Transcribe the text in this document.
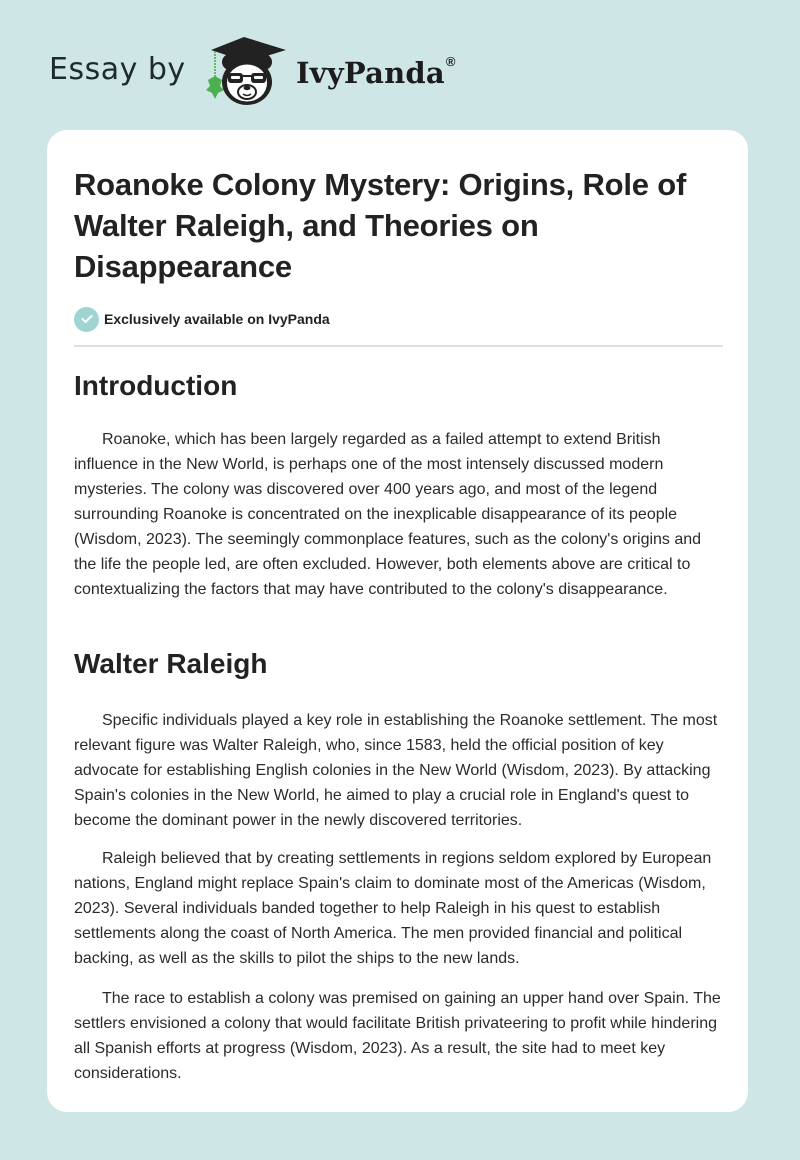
Essay by	IvyPanda®
Roanoke Colony Mystery: Origins, Role of Walter Raleigh, and Theories on Disappearance
Exclusively available on IvyPanda
Introduction

Roanoke, which has been largely regarded as a failed attempt to extend British influence in the New World, is perhaps one of the most intensely discussed modern mysteries. The colony was discovered over 400 years ago, and most of the legend surrounding Roanoke is concentrated on the inexplicable disappearance of its people (Wisdom, 2023). The seemingly commonplace features, such as the colony's origins and the life the people led, are often excluded. However, both elements above are critical to contextualizing the factors that may have contributed to the colony's disappearance.

Walter Raleigh

Specific individuals played a key role in establishing the Roanoke settlement. The most relevant figure was Walter Raleigh, who, since 1583, held the official position of key advocate for establishing English colonies in the New World (Wisdom, 2023). By attacking Spain's colonies in the New World, he aimed to play a crucial role in England's quest to become the dominant power in the newly discovered territories.

Raleigh believed that by creating settlements in regions seldom explored by European nations, England might replace Spain's claim to dominate most of the Americas (Wisdom, 2023). Several individuals banded together to help Raleigh in his quest to establish settlements along the coast of North America. The men provided financial and political backing, as well as the skills to pilot the ships to the new lands.

The race to establish a colony was premised on gaining an upper hand over Spain. The settlers envisioned a colony that would facilitate British privateering to profit while hindering all Spanish efforts at progress (Wisdom, 2023). As a result, the site had to meet key considerations.
